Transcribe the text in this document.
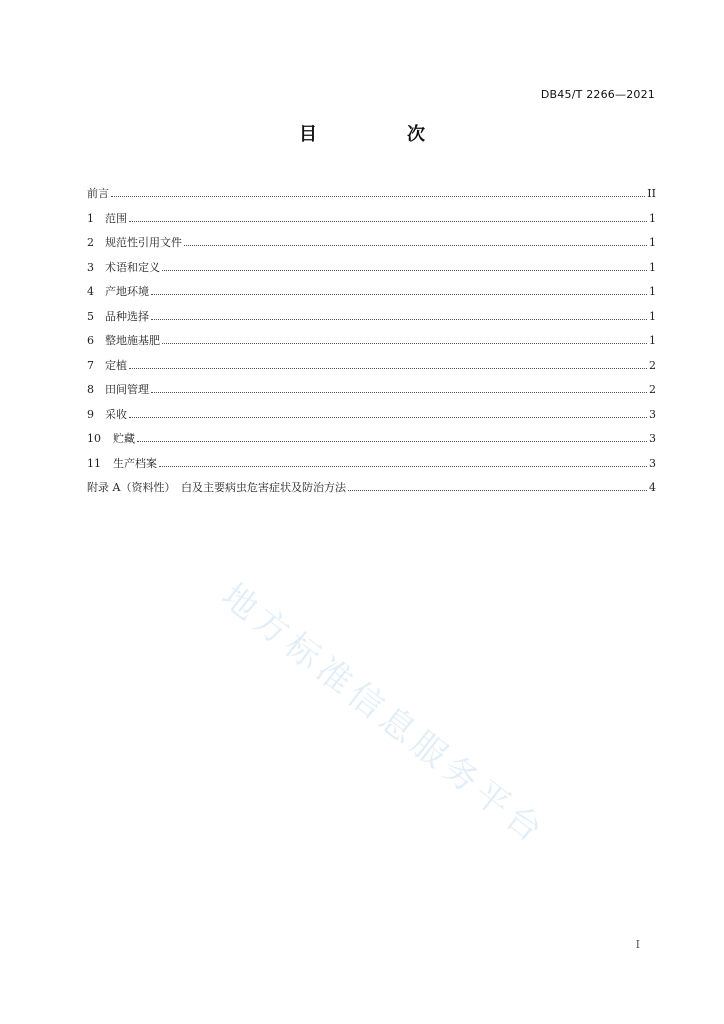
DB45/T 2266—2021
目　次
前言	II
1	范围	1
2	规范性引用文件	1
3	术语和定义	1
4	产地环境	1
5	品种选择	1
6	整地施基肥	1
7	定植	2
8	田间管理	2
9	采收	3
10	贮藏	3
11	生产档案	3
附录 A（资料性）　白及主要病虫危害症状及防治方法	4
地方标准信息服务平台
I
